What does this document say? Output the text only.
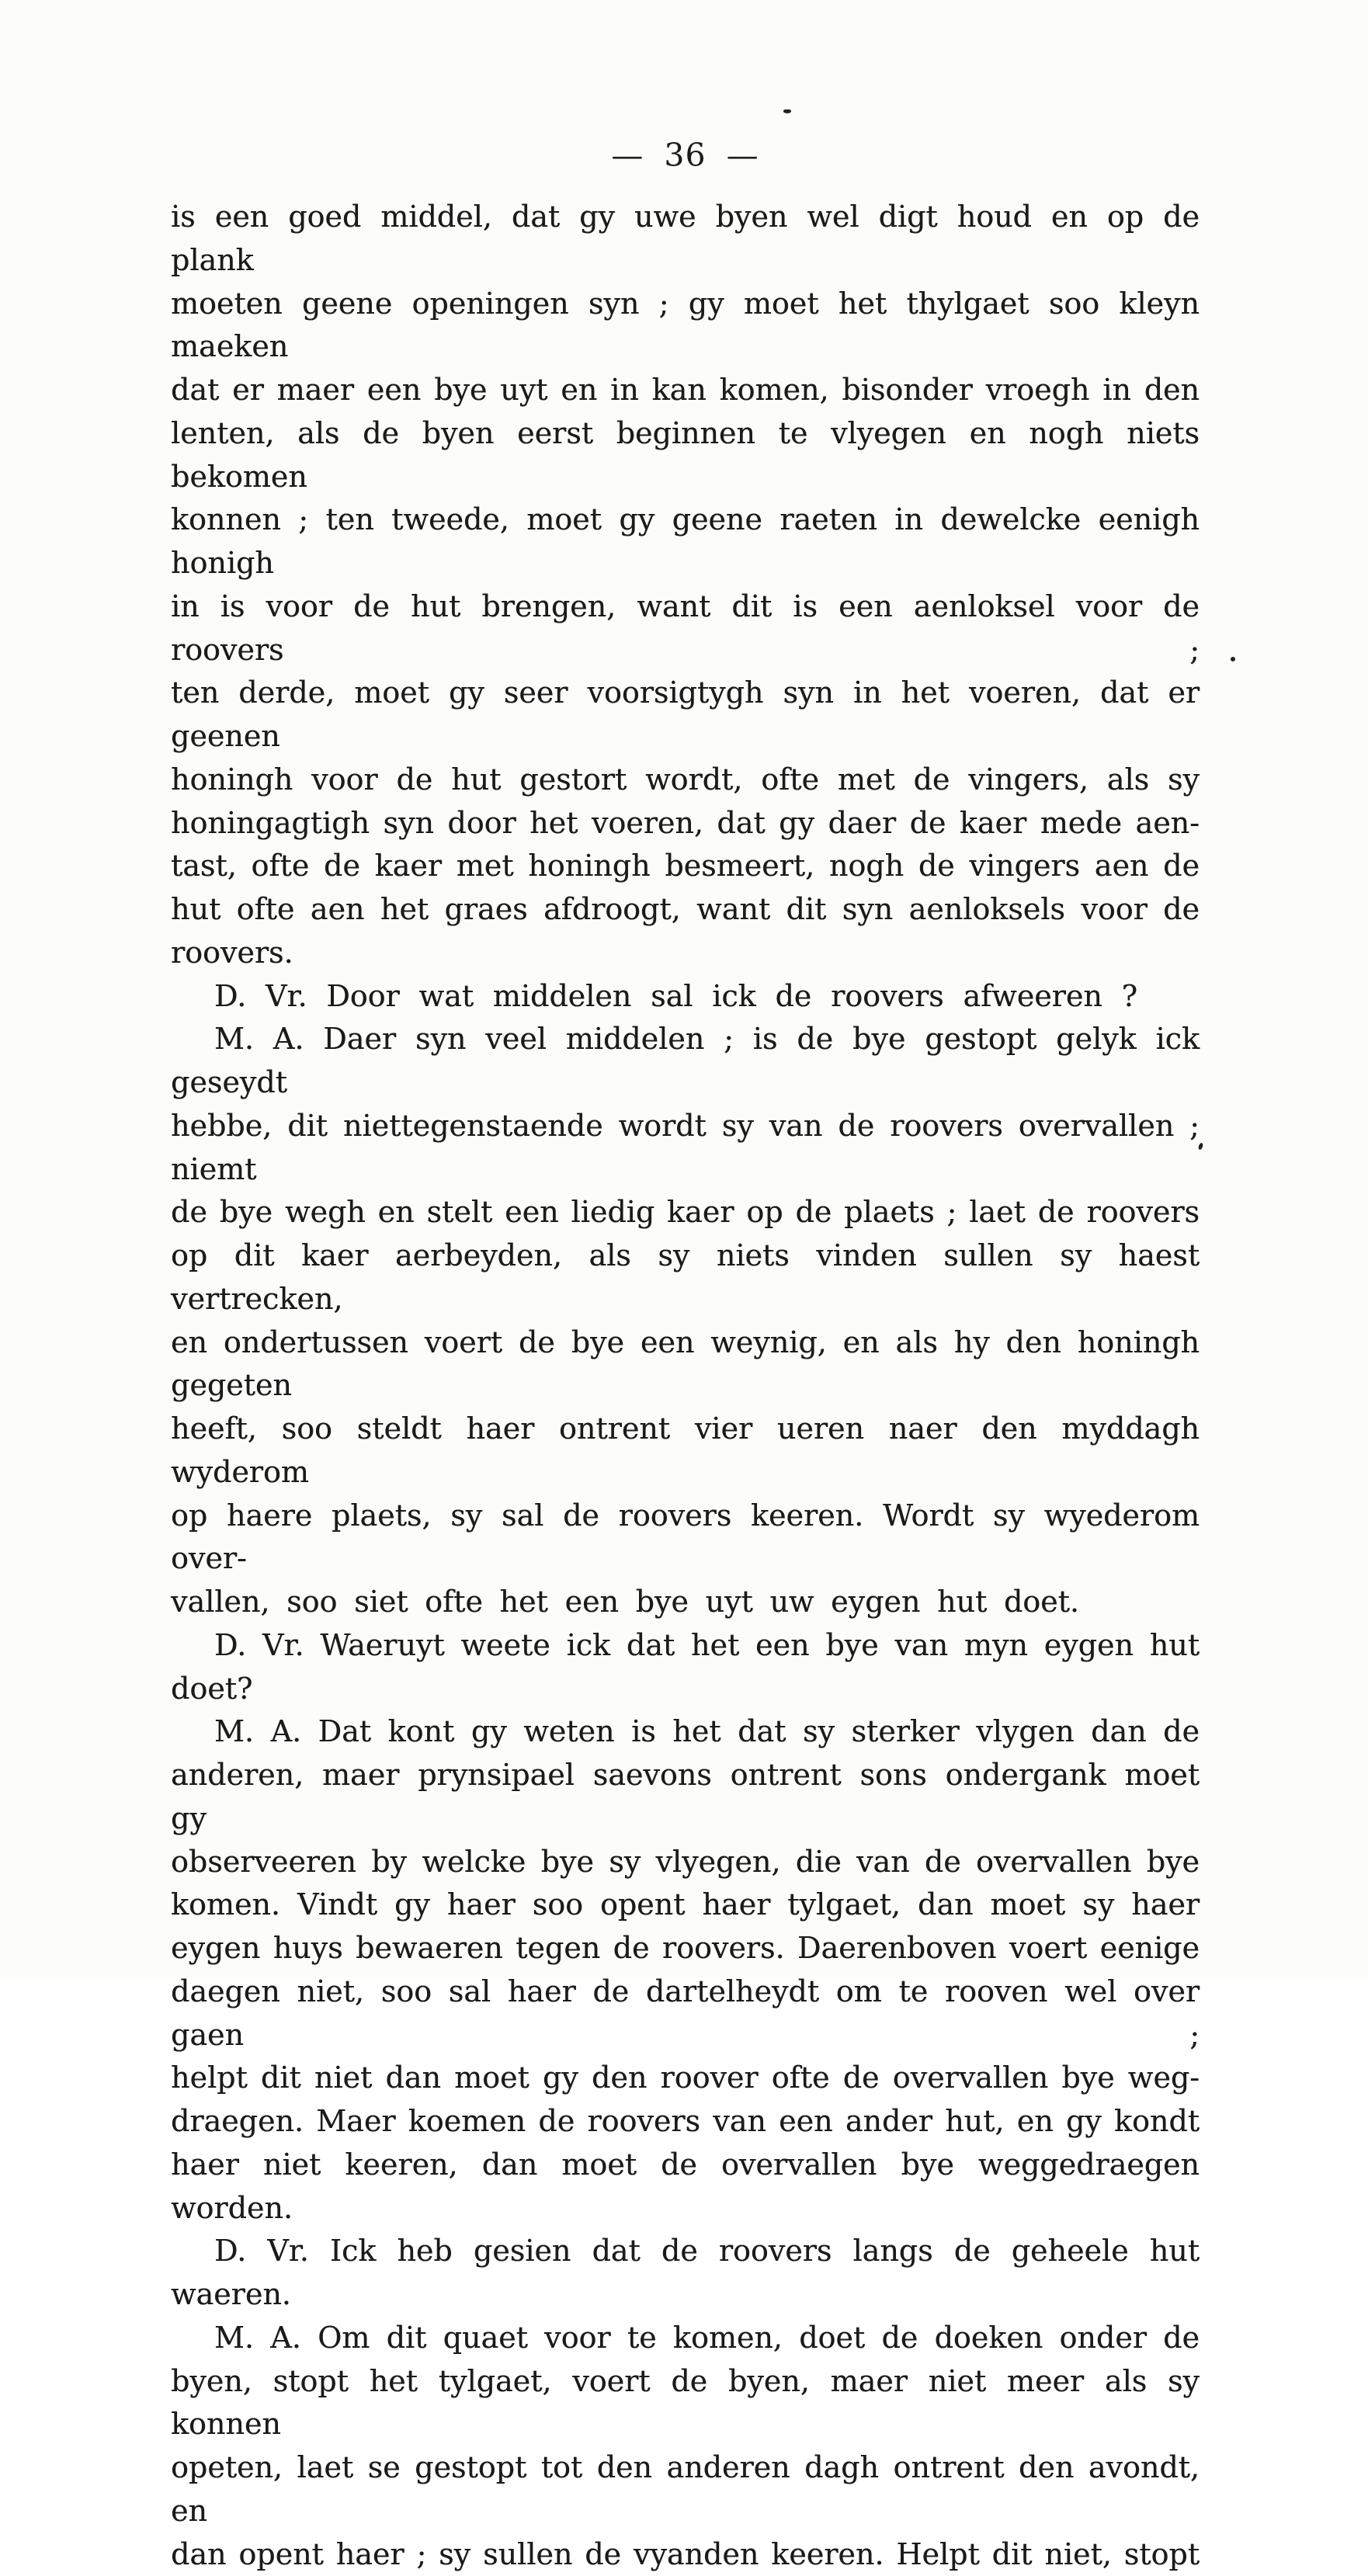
— 36 —
is een goed middel, dat gy uwe byen wel digt houd en op de plank
moeten geene openingen syn ; gy moet het thylgaet soo kleyn maeken
dat er maer een bye uyt en in kan komen, bisonder vroegh in den
lenten, als de byen eerst beginnen te vlyegen en nogh niets bekomen
konnen ; ten tweede, moet gy geene raeten in dewelcke eenigh honigh
in is voor de hut brengen, want dit is een aenloksel voor de roovers ;
ten derde, moet gy seer voorsigtygh syn in het voeren, dat er geenen
honingh voor de hut gestort wordt, ofte met de vingers, als sy
honingagtigh syn door het voeren, dat gy daer de kaer mede aen-
tast, ofte de kaer met honingh besmeert, nogh de vingers aen de
hut ofte aen het graes afdroogt, want dit syn aenloksels voor de
roovers.
D. Vr. Door wat middelen sal ick de roovers afweeren ?
M. A. Daer syn veel middelen ; is de bye gestopt gelyk ick geseydt
hebbe, dit niettegenstaende wordt sy van de roovers overvallen ; niemt
de bye wegh en stelt een liedig kaer op de plaets ; laet de roovers
op dit kaer aerbeyden, als sy niets vinden sullen sy haest vertrecken,
en ondertussen voert de bye een weynig, en als hy den honingh gegeten
heeft, soo steldt haer ontrent vier ueren naer den myddagh wyderom
op haere plaets, sy sal de roovers keeren. Wordt sy wyederom over-
vallen, soo siet ofte het een bye uyt uw eygen hut doet.
D. Vr. Waeruyt weete ick dat het een bye van myn eygen hut
doet?
M. A. Dat kont gy weten is het dat sy sterker vlygen dan de
anderen, maer prynsipael saevons ontrent sons ondergank moet gy
observeeren by welcke bye sy vlyegen, die van de overvallen bye
komen. Vindt gy haer soo opent haer tylgaet, dan moet sy haer
eygen huys bewaeren tegen de roovers. Daerenboven voert eenige
daegen niet, soo sal haer de dartelheydt om te rooven wel over gaen ;
helpt dit niet dan moet gy den roover ofte de overvallen bye weg-
draegen. Maer koemen de roovers van een ander hut, en gy kondt
haer niet keeren, dan moet de overvallen bye weggedraegen worden.
D. Vr. Ick heb gesien dat de roovers langs de geheele hut waeren.
M. A. Om dit quaet voor te komen, doet de doeken onder de
byen, stopt het tylgaet, voert de byen, maer niet meer als sy konnen
opeten, laet se gestopt tot den anderen dagh ontrent den avondt, en
dan opent haer ; sy sullen de vyanden keeren. Helpt dit niet, stopt
